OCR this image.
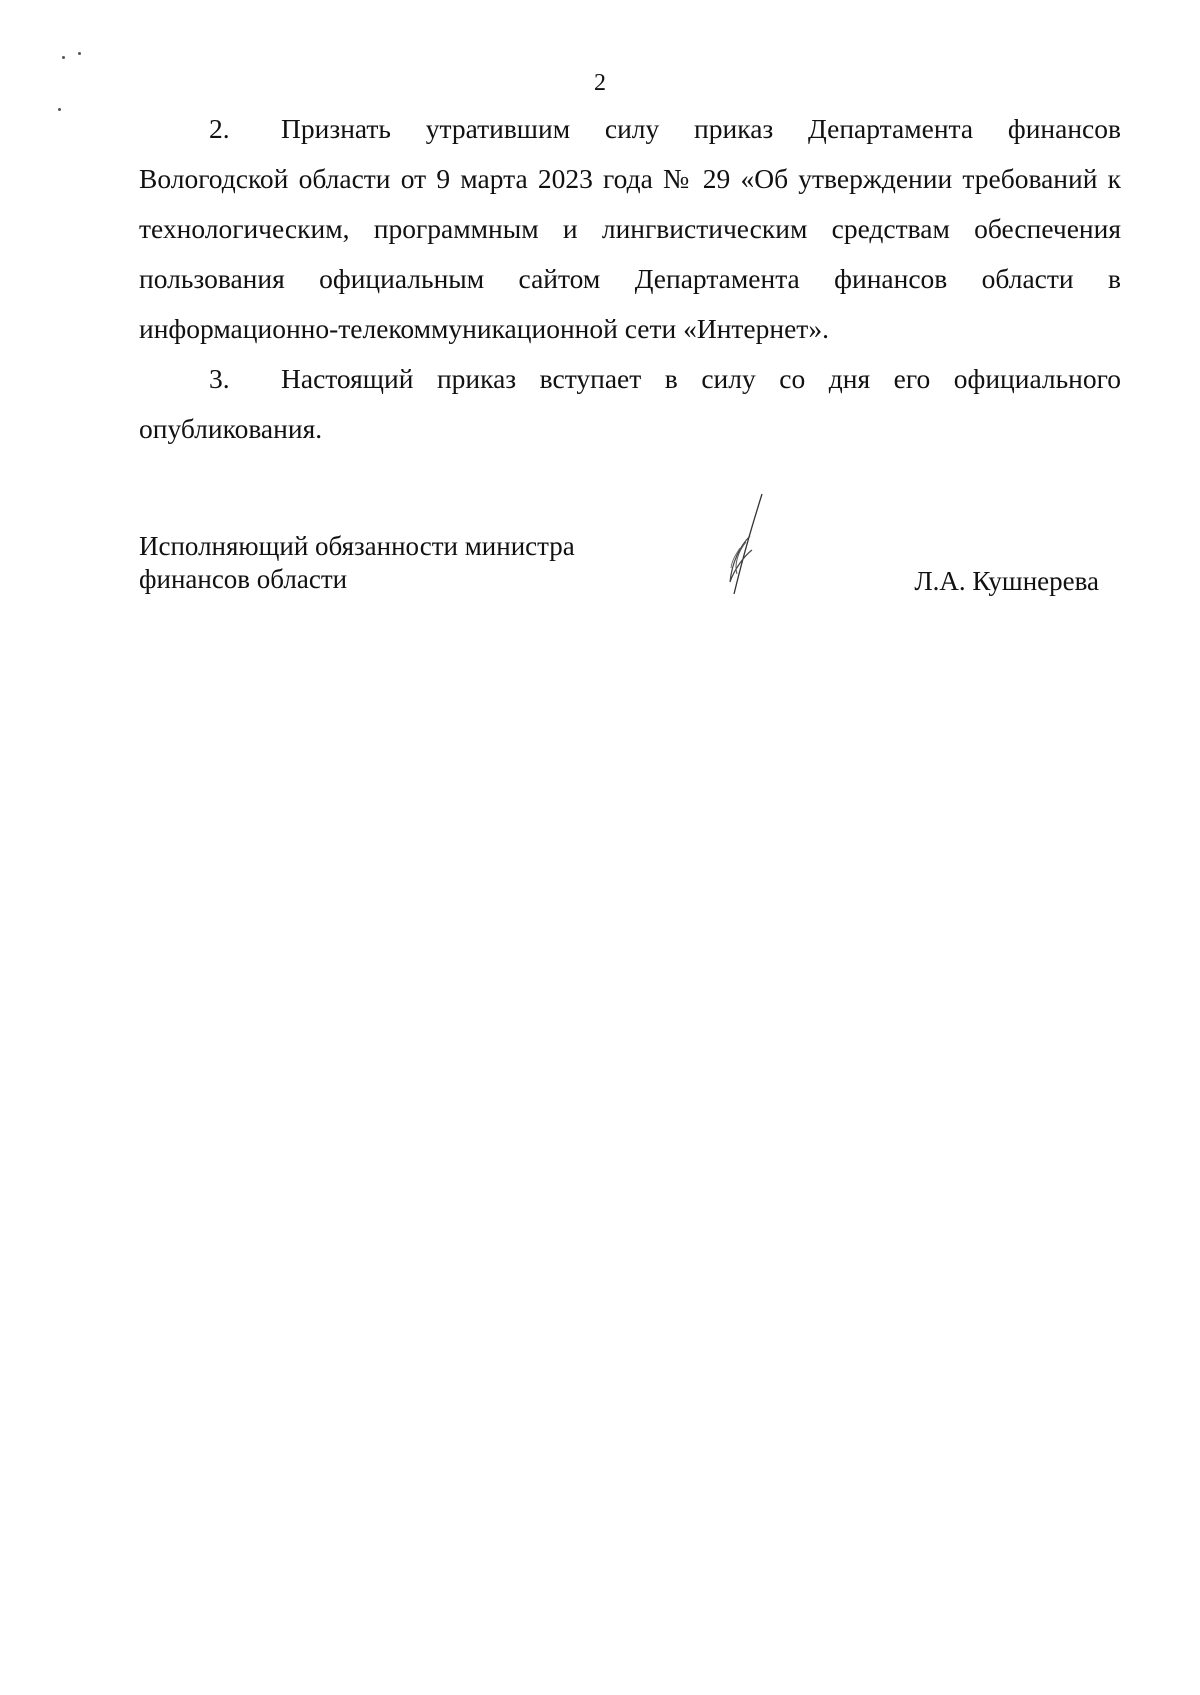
2

2. Признать утратившим силу приказ Департамента финансов Вологодской области от 9 марта 2023 года № 29 «Об утверждении требований к технологическим, программным и лингвистическим средствам обеспечения пользования официальным сайтом Департамента финансов области в информационно-телекоммуникационной сети «Интернет».

3. Настоящий приказ вступает в силу со дня его официального опубликования.

Исполняющий обязанности министра
финансов области	Л.А. Кушнерева
